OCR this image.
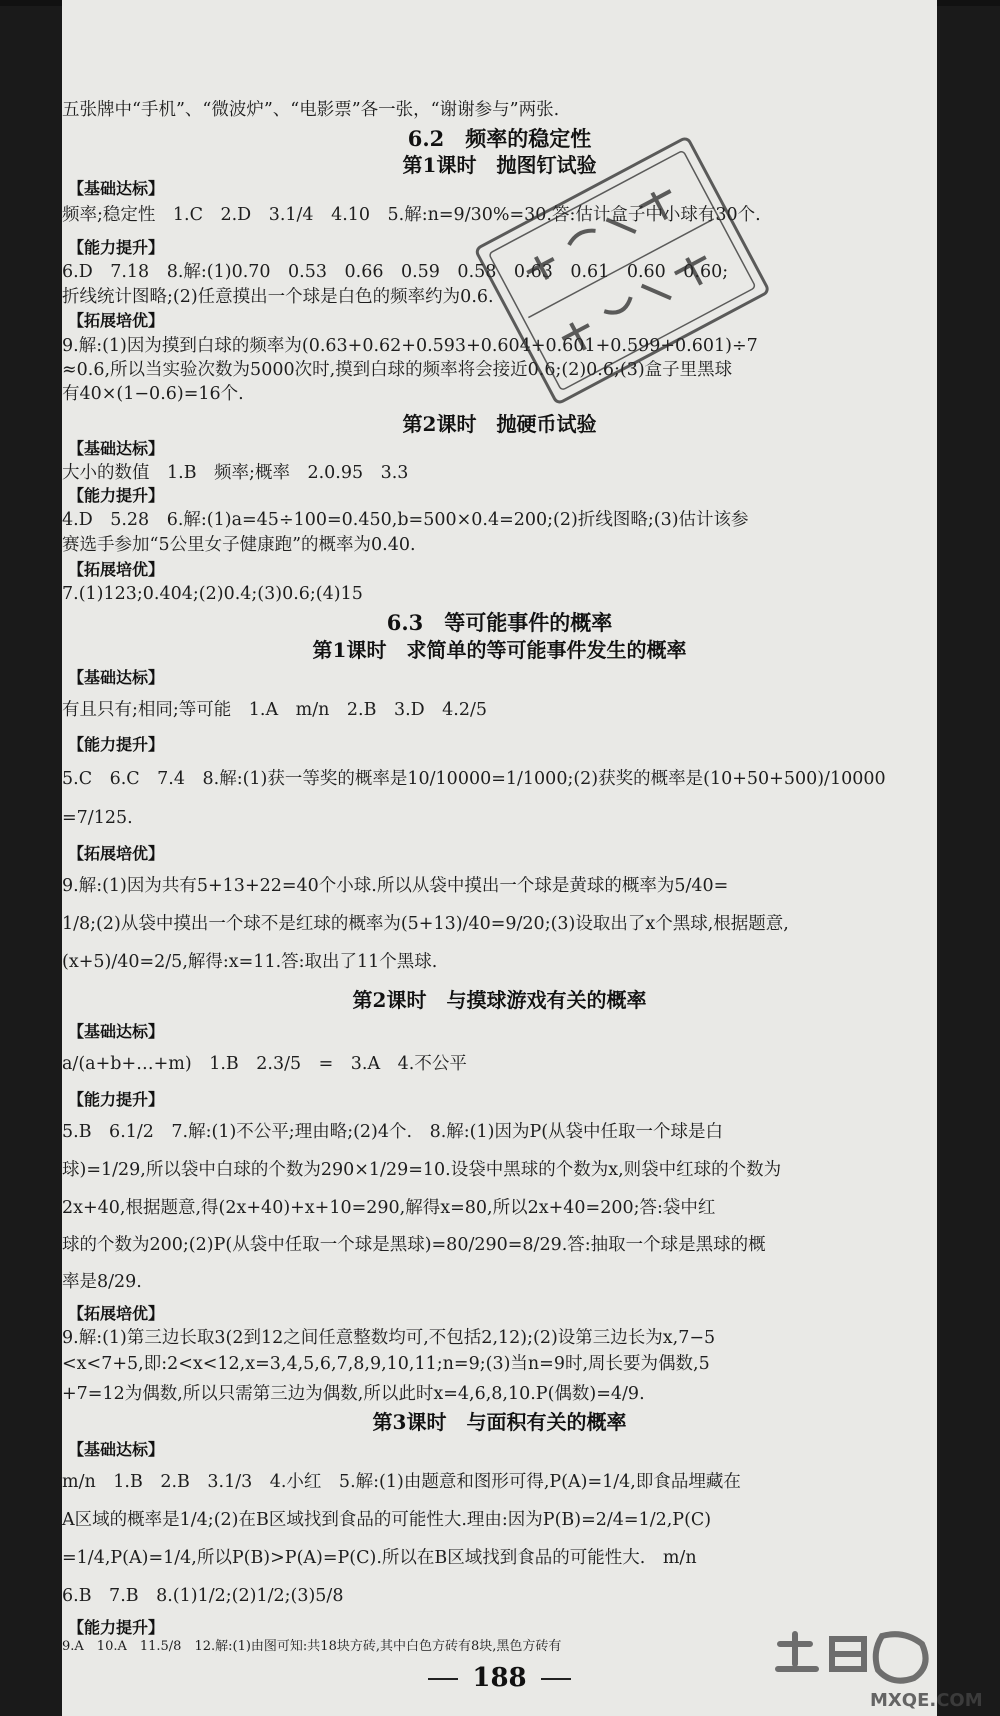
五张牌中“手机”、“微波炉”、“电影票”各一张，“谢谢参与”两张.
6.2　频率的稳定性
第1课时　抛图钉试验
【基础达标】
频率;稳定性　1.C　2.D　3.1/4　4.10　5.解:n=9/30%=30.答:估计盒子中小球有30个.
【能力提升】
6.D　7.18　8.解:(1)0.70　0.53　0.66　0.59　0.58　0.63　0.61　0.60　0.60;
折线统计图略;(2)任意摸出一个球是白色的频率约为0.6.
【拓展培优】
9.解:(1)因为摸到白球的频率为(0.63+0.62+0.593+0.604+0.601+0.599+0.601)÷7
≈0.6,所以当实验次数为5000次时,摸到白球的频率将会接近0.6;(2)0.6;(3)盒子里黑球
有40×(1−0.6)=16个.
第2课时　抛硬币试验
【基础达标】
大小的数值　1.B　频率;概率　2.0.95　3.3
【能力提升】
4.D　5.28　6.解:(1)a=45÷100=0.450,b=500×0.4=200;(2)折线图略;(3)估计该参
赛选手参加“5公里女子健康跑”的概率为0.40.
【拓展培优】
7.(1)123;0.404;(2)0.4;(3)0.6;(4)15
6.3　等可能事件的概率
第1课时　求简单的等可能事件发生的概率
【基础达标】
有且只有;相同;等可能　1.A　m/n　2.B　3.D　4.2/5
【能力提升】
5.C　6.C　7.4　8.解:(1)获一等奖的概率是10/10000=1/1000;(2)获奖的概率是(10+50+500)/10000
=7/125.
【拓展培优】
9.解:(1)因为共有5+13+22=40个小球.所以从袋中摸出一个球是黄球的概率为5/40=
1/8;(2)从袋中摸出一个球不是红球的概率为(5+13)/40=9/20;(3)设取出了x个黑球,根据题意,
(x+5)/40=2/5,解得:x=11.答:取出了11个黑球.
第2课时　与摸球游戏有关的概率
【基础达标】
a/(a+b+…+m)　1.B　2.3/5　=　3.A　4.不公平
【能力提升】
5.B　6.1/2　7.解:(1)不公平;理由略;(2)4个.　8.解:(1)因为P(从袋中任取一个球是白
球)=1/29,所以袋中白球的个数为290×1/29=10.设袋中黑球的个数为x,则袋中红球的个数为
2x+40,根据题意,得(2x+40)+x+10=290,解得x=80,所以2x+40=200;答:袋中红
球的个数为200;(2)P(从袋中任取一个球是黑球)=80/290=8/29.答:抽取一个球是黑球的概
率是8/29.
【拓展培优】
9.解:(1)第三边长取3(2到12之间任意整数均可,不包括2,12);(2)设第三边长为x,7−5
<x<7+5,即:2<x<12,x=3,4,5,6,7,8,9,10,11;n=9;(3)当n=9时,周长要为偶数,5
+7=12为偶数,所以只需第三边为偶数,所以此时x=4,6,8,10.P(偶数)=4/9.
第3课时　与面积有关的概率
【基础达标】
m/n　1.B　2.B　3.1/3　4.小红　5.解:(1)由题意和图形可得,P(A)=1/4,即食品埋藏在
A区域的概率是1/4;(2)在B区域找到食品的可能性大.理由:因为P(B)=2/4=1/2,P(C)
=1/4,P(A)=1/4,所以P(B)>P(A)=P(C).所以在B区域找到食品的可能性大.　m/n
6.B　7.B　8.(1)1/2;(2)1/2;(3)5/8
【能力提升】
9.A　10.A　11.5/8　12.解:(1)由图可知:共18块方砖,其中白色方砖有8块,黑色方砖有
188
MXQE.COM
